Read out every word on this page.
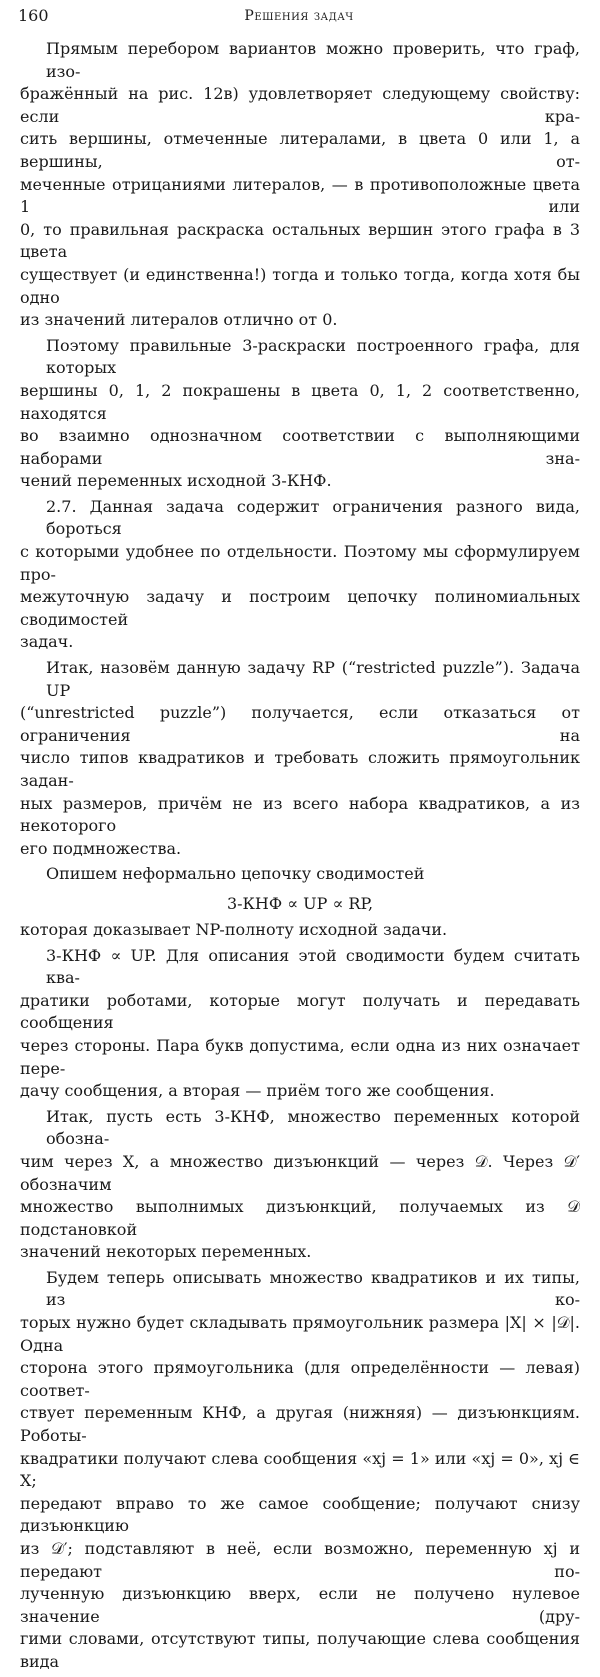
160	Решения задач
Прямым перебором вариантов можно проверить, что граф, изо-
бражённый на рис. 12в) удовлетворяет следующему свойству: если кра-
сить вершины, отмеченные литералами, в цвета 0 или 1, а вершины, от-
меченные отрицаниями литералов, — в противоположные цвета 1 или
0, то правильная раскраска остальных вершин этого графа в 3 цвета
существует (и единственна!) тогда и только тогда, когда хотя бы одно
из значений литералов отлично от 0.
Поэтому правильные 3-раскраски построенного графа, для которых
вершины 0, 1, 2 покрашены в цвета 0, 1, 2 соответственно, находятся
во взаимно однозначном соответствии с выполняющими наборами зна-
чений переменных исходной 3-КНФ.
2.7. Данная задача содержит ограничения разного вида, бороться
с которыми удобнее по отдельности. Поэтому мы сформулируем про-
межуточную задачу и построим цепочку полиномиальных сводимостей
задач.
Итак, назовём данную задачу RP (“restricted puzzle”). Задача UP
(“unrestricted puzzle”) получается, если отказаться от ограничения на
число типов квадратиков и требовать сложить прямоугольник задан-
ных размеров, причём не из всего набора квадратиков, а из некоторого
его подмножества.
Опишем неформально цепочку сводимостей
3-КНФ ∝ UP ∝ RP,
которая доказывает NP-полноту исходной задачи.
3-КНФ ∝ UP. Для описания этой сводимости будем считать ква-
дратики роботами, которые могут получать и передавать сообщения
через стороны. Пара букв допустима, если одна из них означает пере-
дачу сообщения, а вторая — приём того же сообщения.
Итак, пусть есть 3-КНФ, множество переменных которой обозна-
чим через X, а множество дизъюнкций — через 𝒟. Через 𝒟′ обозначим
множество выполнимых дизъюнкций, получаемых из 𝒟 подстановкой
значений некоторых переменных.
Будем теперь описывать множество квадратиков и их типы, из ко-
торых нужно будет складывать прямоугольник размера |X| × |𝒟|. Одна
сторона этого прямоугольника (для определённости — левая) соответ-
ствует переменным КНФ, а другая (нижняя) — дизъюнкциям. Роботы-
квадратики получают слева сообщения «xj = 1» или «xj = 0», xj ∈ X;
передают вправо то же самое сообщение; получают снизу дизъюнкцию
из 𝒟′; подставляют в неё, если возможно, переменную xj и передают по-
лученную дизъюнкцию вверх, если не получено нулевое значение (дру-
гими словами, отсутствуют типы, получающие слева сообщения вида
